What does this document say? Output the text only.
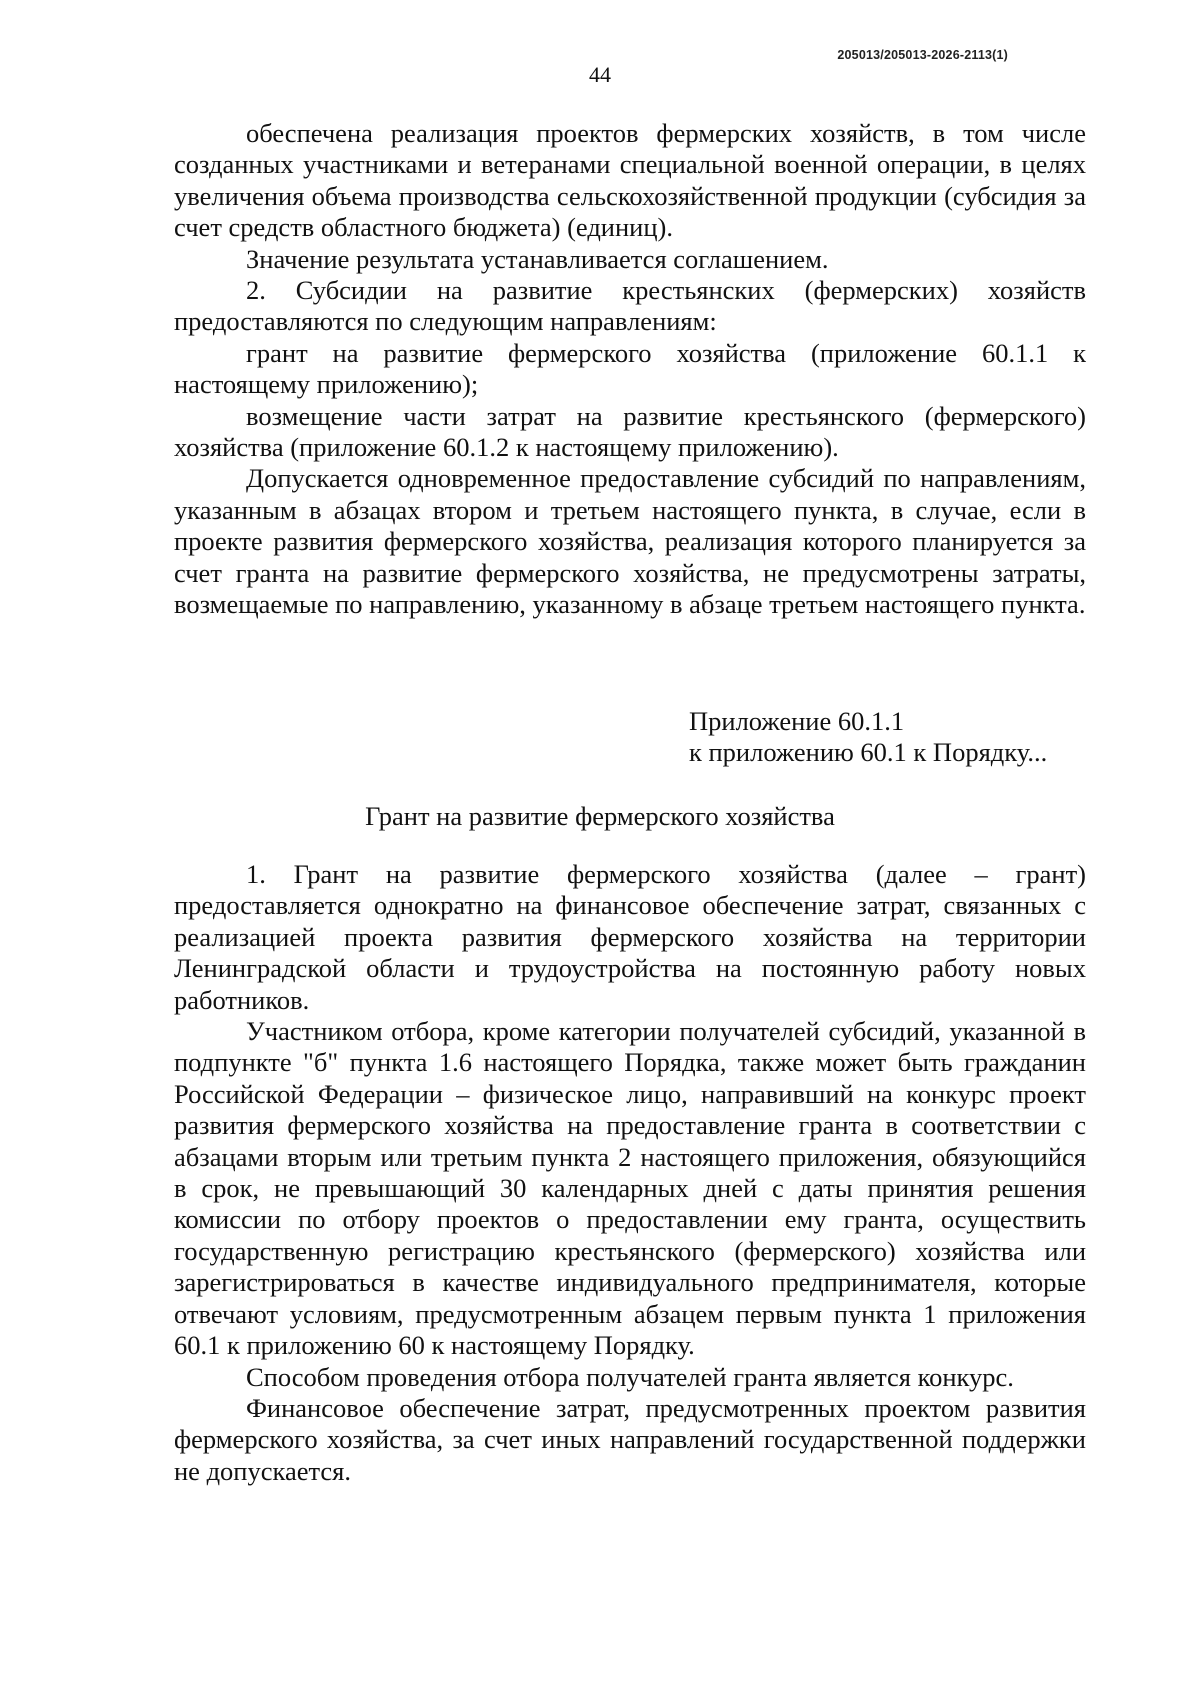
205013/205013-2026-2113(1)
44

обеспечена реализация проектов фермерских хозяйств, в том числе созданных участниками и ветеранами специальной военной операции, в целях увеличения объема производства сельскохозяйственной продукции (субсидия за счет средств областного бюджета) (единиц).

Значение результата устанавливается соглашением.

2. Субсидии на развитие крестьянских (фермерских) хозяйств предоставляются по следующим направлениям:

грант на развитие фермерского хозяйства (приложение 60.1.1 к настоящему приложению);

возмещение части затрат на развитие крестьянского (фермерского) хозяйства (приложение 60.1.2 к настоящему приложению).

Допускается одновременное предоставление субсидий по направлениям, указанным в абзацах втором и третьем настоящего пункта, в случае, если в проекте развития фермерского хозяйства, реализация которого планируется за счет гранта на развитие фермерского хозяйства, не предусмотрены затраты, возмещаемые по направлению, указанному в абзаце третьем настоящего пункта.

Приложение 60.1.1
к приложению 60.1 к Порядку...
Грант на развитие фермерского хозяйства

1. Грант на развитие фермерского хозяйства (далее – грант) предоставляется однократно на финансовое обеспечение затрат, связанных с реализацией проекта развития фермерского хозяйства на территории Ленинградской области и трудоустройства на постоянную работу новых работников.

Участником отбора, кроме категории получателей субсидий, указанной в подпункте "б" пункта 1.6 настоящего Порядка, также может быть гражданин Российской Федерации – физическое лицо, направивший на конкурс проект развития фермерского хозяйства на предоставление гранта в соответствии с абзацами вторым или третьим пункта 2 настоящего приложения, обязующийся в срок, не превышающий 30 календарных дней с даты принятия решения комиссии по отбору проектов о предоставлении ему гранта, осуществить государственную регистрацию крестьянского (фермерского) хозяйства или зарегистрироваться в качестве индивидуального предпринимателя, которые отвечают условиям, предусмотренным абзацем первым пункта 1 приложения 60.1 к приложению 60 к настоящему Порядку.

Способом проведения отбора получателей гранта является конкурс.

Финансовое обеспечение затрат, предусмотренных проектом развития фермерского хозяйства, за счет иных направлений государственной поддержки не допускается.
